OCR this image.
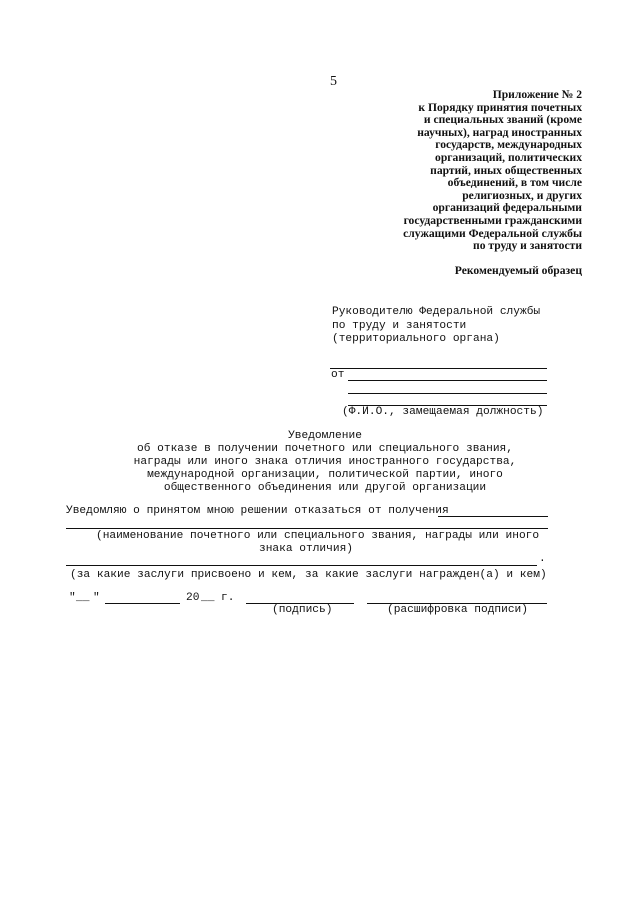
5
Приложение № 2
к Порядку принятия почетных
и специальных званий (кроме
научных), наград иностранных
государств, международных
организаций, политических
партий, иных общественных
объединений, в том числе
религиозных, и других
организаций федеральными
государственными гражданскими
служащими Федеральной службы
по труду и занятости
Рекомендуемый образец
Руководителю Федеральной службы
по труду и занятости
(территориального органа)
от
(Ф.И.О., замещаемая должность)
Уведомление
об отказе в получении почетного или специального звания,
награды или иного знака отличия иностранного государства,
международной организации, политической партии, иного
общественного объединения или другой организации
Уведомляю о принятом мною решении отказаться от получения
(наименование почетного или специального звания, награды или иного
знака отличия)
.
(за какие заслуги присвоено и кем, за какие заслуги награжден(а) и кем)
" __ "	20 __ г.
(подпись)	(расшифровка подписи)
